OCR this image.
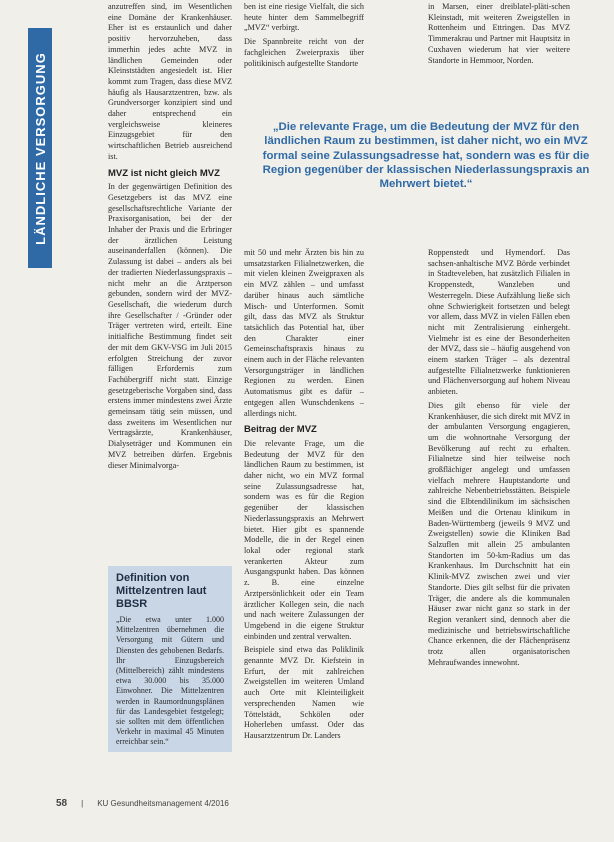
LÄNDLICHE VERSORGUNG

anzutreffen sind, im Wesentlichen eine Domäne der Krankenhäuser. Eher ist es erstaunlich und daher positiv hervorzuheben, dass immerhin jedes achte MVZ in ländlichen Gemeinden oder Kleinststädten angesiedelt ist. Hier kommt zum Tragen, dass diese MVZ häufig als Hausarztzentren, bzw. als Grundversorger konzipiert sind und daher entsprechend ein vergleichsweise kleineres Einzugsgebiet für den wirtschaftlichen Betrieb ausreichend ist.

MVZ ist nicht gleich MVZ

In der gegenwärtigen Definition des Gesetzgebers ist das MVZ eine gesellschaftsrechtliche Variante der Praxisorganisation, bei der der Inhaber der Praxis und die Erbringer der ärztlichen Leistung auseinanderfallen (können). Die Zulassung ist dabei – anders als bei der tradierten Niederlassungspraxis – nicht mehr an die Arztperson gebunden, sondern wird der MVZ-Gesellschaft, die wiederum durch ihre Gesellschafter / -Gründer oder Träger vertreten wird, erteilt. Eine initialfiche Bestimmung findet seit der mit dem GKV-VSG im Juli 2015 erfolgten Streichung der zuvor fälligen Erfordernis zum Fachübergriff nicht statt. Einzige gesetzgeberische Vorgaben sind, dass erstens immer mindestens zwei Ärzte gemeinsam tätig sein müssen, und dass zweitens im Wesentlichen nur Vertragsärzte, Krankenhäuser, Dialyseträger und Kommunen ein MVZ betreiben dürfen. Ergebnis dieser Minimalvorga-

ben ist eine riesige Vielfalt, die sich heute hinter dem Sammelbegriff „MVZ“ verbirgt.

Die Spannbreite reicht von der fachgleichen Zweierpraxis über politikinisch aufgestellte Standorte

in Marsen, einer dreiblatel-pläti-schen Kleinstadt, mit weiteren Zweigstellen in Rottenheim und Ettringen. Das MVZ Timmerakrau und Partner mit Hauptsitz in Cuxhaven wiederum hat vier weitere Standorte in Hemmoor, Norden.

„Die relevante Frage, um die Bedeutung der MVZ für den ländlichen Raum zu bestimmen, ist daher nicht, wo ein MVZ formal seine Zulassungsadresse hat, sondern was es für die Region gegenüber der klassischen Niederlassungspraxis an Mehrwert bietet.“

mit 50 und mehr Ärzten bis hin zu umsatzstarken Filialnetzwerken, die mit vielen kleinen Zweigpraxen als ein MVZ zählen – und umfasst darüber hinaus auch sämtliche Misch- und Unterformen. Somit gilt, dass das MVZ als Struktur tatsächlich das Potential hat, über den Charakter einer Gemeinschaftspraxis hinaus zu einem auch in der Fläche relevanten Versorgungsträger in ländlichen Regionen zu werden. Einen Automatismus gibt es dafür – entgegen allen Wunschdenkens – allerdings nicht.

Beitrag der MVZ

Die relevante Frage, um die Bedeutung der MVZ für den ländlichen Raum zu bestimmen, ist daher nicht, wo ein MVZ formal seine Zulassungsadresse hat, sondern was es für die Region gegenüber der klassischen Niederlassungspraxis an Mehrwert bietet. Hier gibt es spannende Modelle, die in der Regel einen lokal oder regional stark verankerten Akteur zum Ausgangspunkt haben. Das können z. B. eine einzelne Arztpersönlichkeit oder ein Team ärztlicher Kollegen sein, die nach und nach weitere Zulassungen der Umgebend in die eigene Struktur einbinden und zentral verwalten.

Beispiele sind etwa das Poliklinik genannte MVZ Dr. Kiefstein in Erfurt, der mit zahlreichen Zweigstellen im weiteren Umland auch Orte mit Kleinteiligkeit versprechenden Namen wie Töttelstädt, Schkölen oder Hoherleben umfasst. Oder das Hausarztzentrum Dr. Landers

Roppenstedt und Hymendorf. Das sachsen-anhaltische MVZ Börde verbindet in Stadteveleben, hat zusätzlich Filialen in Kroppenstedt, Wanzleben und Westerregeln. Diese Aufzählung ließe sich ohne Schwierigkeit fortsetzen und belegt vor allem, dass MVZ in vielen Fällen eben nicht mit Zentralisierung einhergeht. Vielmehr ist es eine der Besonderheiten der MVZ, dass sie – häufig ausgehend von einem starken Träger – als dezentral aufgestellte Filialnetzwerke funktionieren und Flächenversorgung auf hohem Niveau anbieten.

Dies gilt ebenso für viele der Krankenhäuser, die sich direkt mit MVZ in der ambulanten Versorgung engagieren, um die wohnortnahe Versorgung der Bevölkerung auf recht zu erhalten. Filialnetze sind hier teilweise noch großflächiger angelegt und umfassen vielfach mehrere Hauptstandorte und zahlreiche Nebenbetriebsstätten. Beispiele sind die Elbtendilinikum im sächsischen Meißen und die Ortenau klinikum in Baden-Württemberg (jeweils 9 MVZ und Zweigstellen) sowie die Kliniken Bad Salzuflen mit allein 25 ambulanten Standorten im 50-km-Radius um das Krankenhaus. Im Durchschnitt hat ein Klinik-MVZ zwischen zwei und vier Standorte. Dies gilt selbst für die privaten Träger, die andere als die kommunalen Häuser zwar nicht ganz so stark in der Region verankert sind, dennoch aber die medizinische und betriebswirtschaftliche Chance erkennen, die der Flächenpräsenz trotz allen organisatorischen Mehraufwandes innewohnt.

Definition von Mittelzentren laut BBSR

„Die etwa unter 1.000 Mittelzentren übernehmen die Versorgung mit Gütern und Diensten des gehobenen Bedarfs. Ihr Einzugsbereich (Mittelbereich) zählt mindestens etwa 30.000 bis 35.000 Einwohner. Die Mittelzentren werden in Raumordnungsplänen für das Landesgebiet festgelegt; sie sollten mit dem öffentlichen Verkehr in maximal 45 Minuten erreichbar sein.“

58 | KU Gesundheitsmanagement 4/2016
